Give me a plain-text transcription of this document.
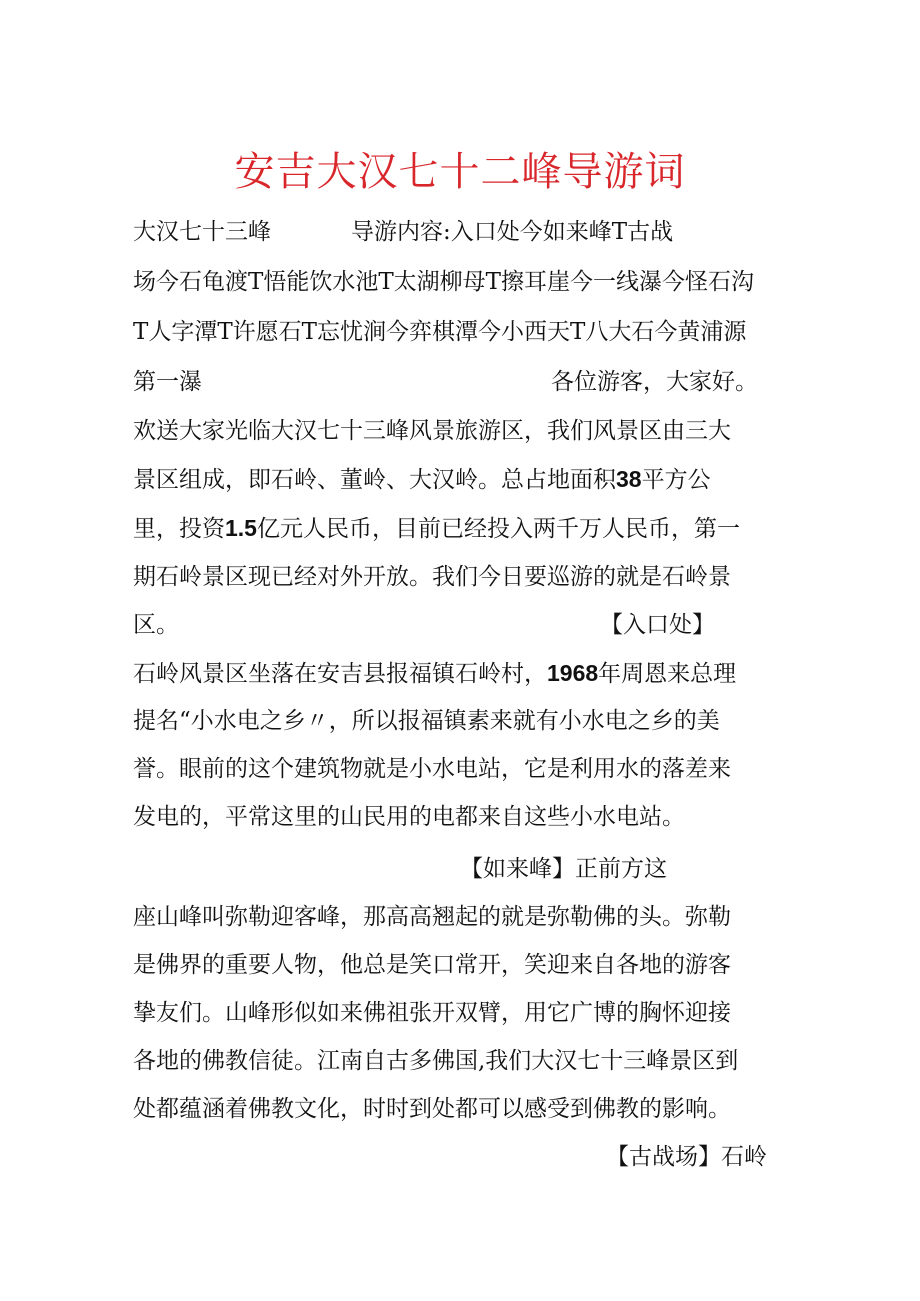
安吉大汉七十二峰导游词
大汉七十三峰	导游内容:入口处今如来峰T古战
场今石龟渡T悟能饮水池T太湖柳母T擦耳崖今一线瀑今怪石沟
T人字潭T许愿石T忘忧涧今弈棋潭今小西天T八大石今黄浦源
第一瀑	各位游客，大家好。
欢送大家光临大汉七十三峰风景旅游区，我们风景区由三大
景区组成，即石岭、董岭、大汉岭。总占地面积38平方公
里，投资1.5亿元人民币，目前已经投入两千万人民币，第一
期石岭景区现已经对外开放。我们今日要巡游的就是石岭景
区。	【入口处】
石岭风景区坐落在安吉县报福镇石岭村，1968年周恩来总理
提名“小水电之乡〃，所以报福镇素来就有小水电之乡的美
誉。眼前的这个建筑物就是小水电站，它是利用水的落差来
发电的，平常这里的山民用的电都来自这些小水电站。
【如来峰】正前方这
座山峰叫弥勒迎客峰，那高高翘起的就是弥勒佛的头。弥勒
是佛界的重要人物，他总是笑口常开，笑迎来自各地的游客
挚友们。山峰形似如来佛祖张开双臂，用它广博的胸怀迎接
各地的佛教信徒。江南自古多佛国,我们大汉七十三峰景区到
处都蕴涵着佛教文化，时时到处都可以感受到佛教的影响。
【古战场】石岭
